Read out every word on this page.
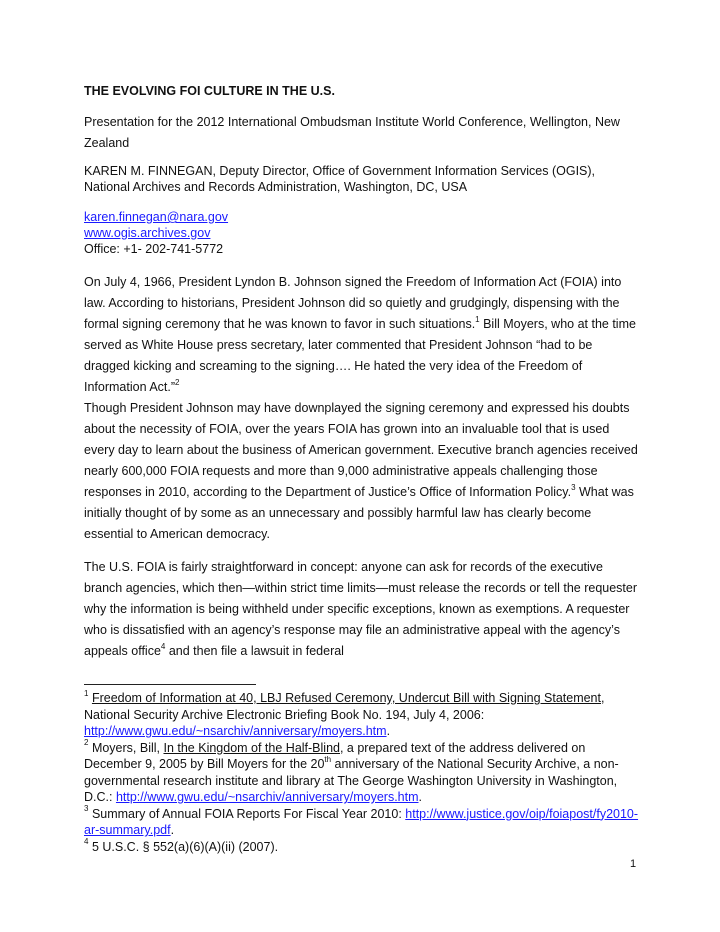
THE EVOLVING FOI CULTURE IN THE U.S.

Presentation for the 2012 International Ombudsman Institute World Conference, Wellington, New Zealand

KAREN M. FINNEGAN, Deputy Director, Office of Government Information Services (OGIS), National Archives and Records Administration, Washington, DC, USA

karen.finnegan@nara.gov
www.ogis.archives.gov
Office: +1- 202-741-5772

On July 4, 1966, President Lyndon B. Johnson signed the Freedom of Information Act (FOIA) into law. According to historians, President Johnson did so quietly and grudgingly, dispensing with the formal signing ceremony that he was known to favor in such situations.$^1$ Bill Moyers, who at the time served as White House press secretary, later commented that President Johnson “had to be dragged kicking and screaming to the signing…. He hated the very idea of the Freedom of Information Act.”$^2$

Though President Johnson may have downplayed the signing ceremony and expressed his doubts about the necessity of FOIA, over the years FOIA has grown into an invaluable tool that is used every day to learn about the business of American government. Executive branch agencies received nearly 600,000 FOIA requests and more than 9,000 administrative appeals challenging those responses in 2010, according to the Department of Justice’s Office of Information Policy.$^3$ What was initially thought of by some as an unnecessary and possibly harmful law has clearly become essential to American democracy.

The U.S. FOIA is fairly straightforward in concept: anyone can ask for records of the executive branch agencies, which then—within strict time limits—must release the records or tell the requester why the information is being withheld under specific exceptions, known as exemptions. A requester who is dissatisfied with an agency’s response may file an administrative appeal with the agency’s appeals office$^4$ and then file a lawsuit in federal

$^1$ Freedom of Information at 40, LBJ Refused Ceremony, Undercut Bill with Signing Statement, National Security Archive Electronic Briefing Book No. 194, July 4, 2006: http://www.gwu.edu/~nsarchiv/anniversary/moyers.htm.
$^2$ Moyers, Bill, In the Kingdom of the Half-Blind, a prepared text of the address delivered on December 9, 2005 by Bill Moyers for the 20th anniversary of the National Security Archive, a non-governmental research institute and library at The George Washington University in Washington, D.C.: http://www.gwu.edu/~nsarchiv/anniversary/moyers.htm.
$^3$ Summary of Annual FOIA Reports For Fiscal Year 2010: http://www.justice.gov/oip/foiapost/fy2010-ar-summary.pdf.
$^4$ 5 U.S.C. § 552(a)(6)(A)(ii) (2007).
1
